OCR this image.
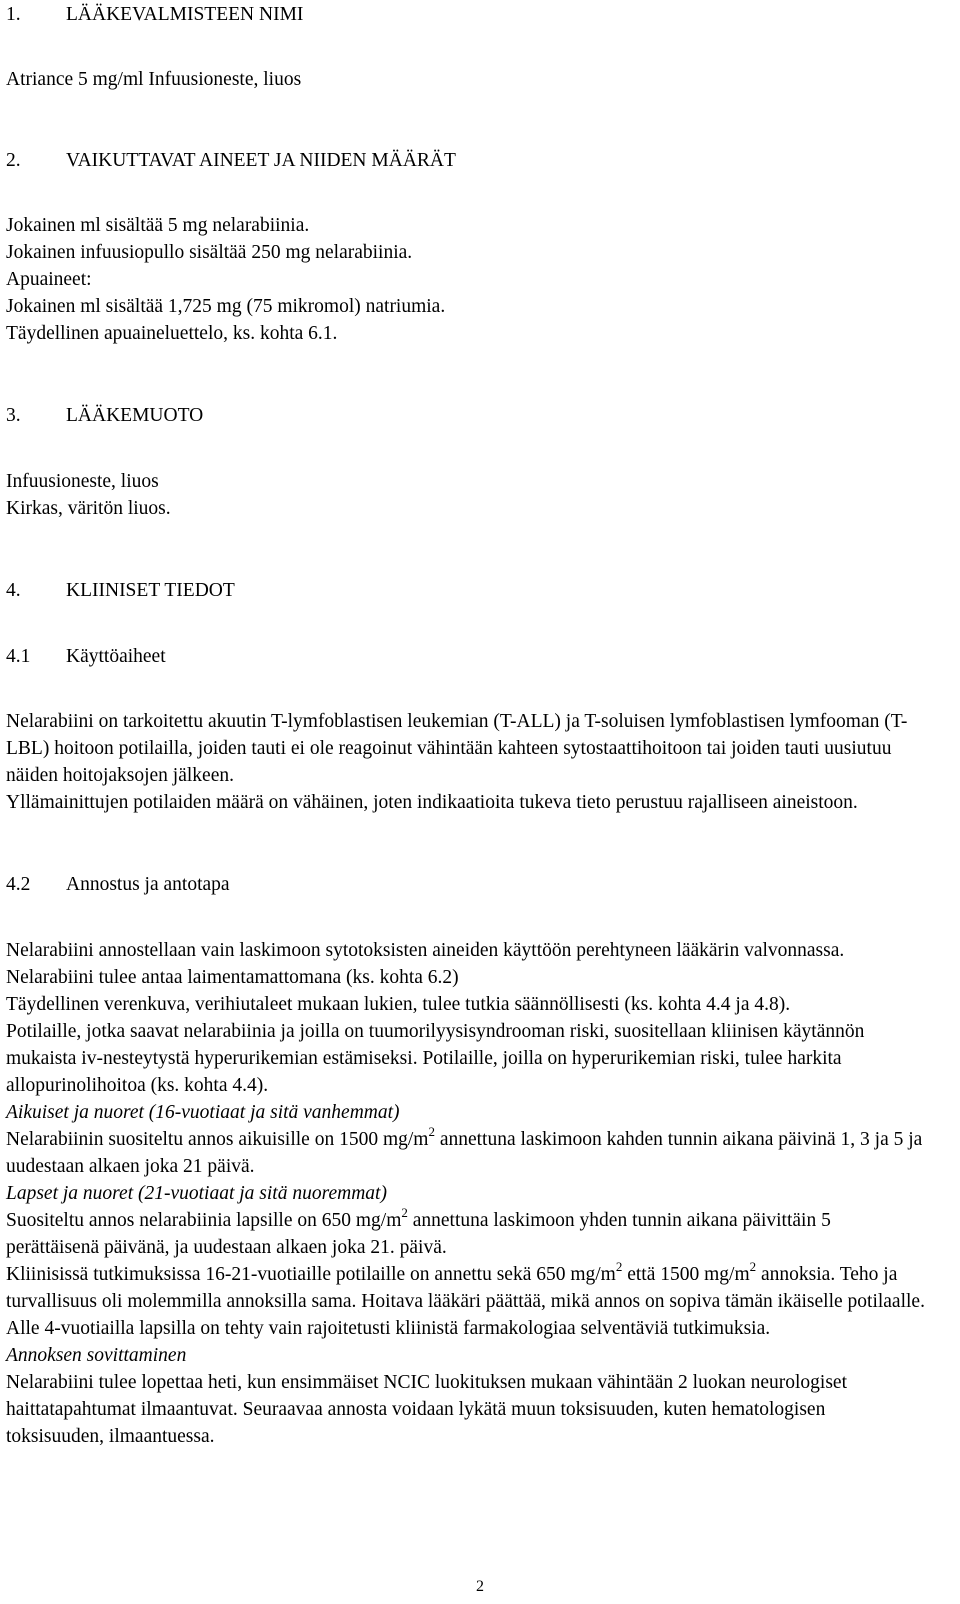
1. LÄÄKEVALMISTEEN NIMI

Atriance 5 mg/ml Infuusioneste, liuos

2. VAIKUTTAVAT AINEET JA NIIDEN MÄÄRÄT
Jokainen ml sisältää 5 mg nelarabiinia.
Jokainen infuusiopullo sisältää 250 mg nelarabiinia.
Apuaineet:
Jokainen ml sisältää 1,725 mg (75 mikromol) natriumia.
Täydellinen apuaineluettelo, ks. kohta 6.1.
3. LÄÄKEMUOTO
Infuusioneste, liuos
Kirkas, väritön liuos.
4. KLIINISET TIEDOT
4.1 Käyttöaiheet

Nelarabiini on tarkoitettu akuutin T-lymfoblastisen leukemian (T-ALL) ja T-soluisen lymfoblastisen lymfooman (T-LBL) hoitoon potilailla, joiden tauti ei ole reagoinut vähintään kahteen sytostaattihoitoon tai joiden tauti uusiutuu näiden hoitojaksojen jälkeen.

Yllämainittujen potilaiden määrä on vähäinen, joten indikaatioita tukeva tieto perustuu rajalliseen aineistoon.

4.2 Annostus ja antotapa

Nelarabiini annostellaan vain laskimoon sytotoksisten aineiden käyttöön perehtyneen lääkärin valvonnassa. Nelarabiini tulee antaa laimentamattomana (ks. kohta 6.2)

Täydellinen verenkuva, verihiutaleet mukaan lukien, tulee tutkia säännöllisesti (ks. kohta 4.4 ja 4.8).

Potilaille, jotka saavat nelarabiinia ja joilla on tuumorilyysisyndrooman riski, suositellaan kliinisen käytännön mukaista iv-nesteytystä hyperurikemian estämiseksi. Potilaille, joilla on hyperurikemian riski, tulee harkita allopurinolihoitoa (ks. kohta 4.4).

Aikuiset ja nuoret (16-vuotiaat ja sitä vanhemmat)

Nelarabiinin suositeltu annos aikuisille on 1500 $mg/m^2$ annettuna laskimoon kahden tunnin aikana päivinä 1, 3 ja 5 ja uudestaan alkaen joka 21 päivä.

Lapset ja nuoret (21-vuotiaat ja sitä nuoremmat)

Suositeltu annos nelarabiinia lapsille on 650 $mg/m^2$ annettuna laskimoon yhden tunnin aikana päivittäin 5 perättäisenä päivänä, ja uudestaan alkaen joka 21. päivä.

Kliinisissä tutkimuksissa 16-21-vuotiaille potilaille on annettu sekä 650 $mg/m^2$ että 1500 $mg/m^2$ annoksia. Teho ja turvallisuus oli molemmilla annoksilla sama. Hoitava lääkäri päättää, mikä annos on sopiva tämän ikäiselle potilaalle.

Alle 4-vuotiailla lapsilla on tehty vain rajoitetusti kliinistä farmakologiaa selventäviä tutkimuksia.

Annoksen sovittaminen

Nelarabiini tulee lopettaa heti, kun ensimmäiset NCIC luokituksen mukaan vähintään 2 luokan neurologiset haittatapahtumat ilmaantuvat. Seuraavaa annosta voidaan lykätä muun toksisuuden, kuten hematologisen toksisuuden, ilmaantuessa.

2
